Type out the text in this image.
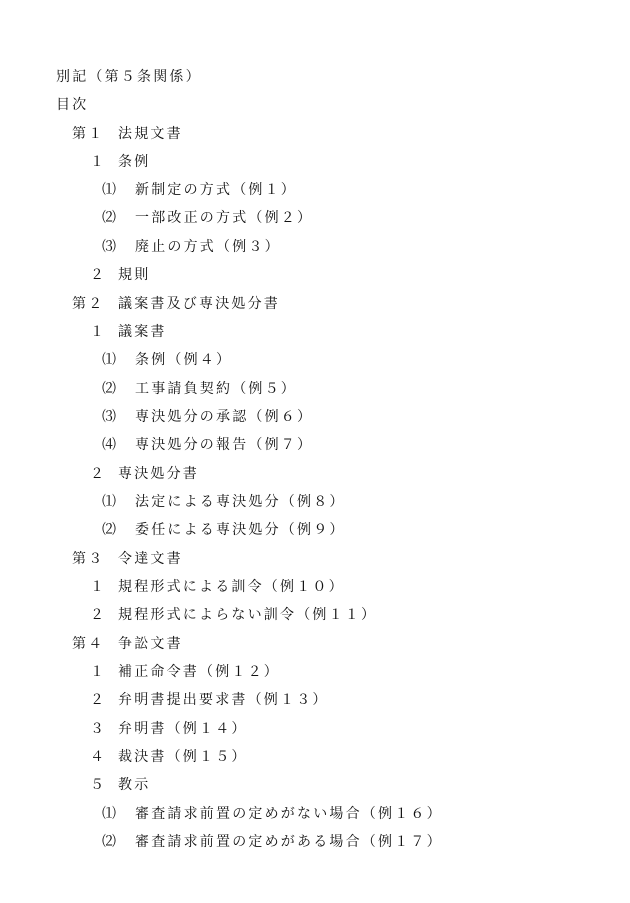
別記（第５条関係）
目次
第１ 法規文書
１ 条例
⑴ 新制定の方式（例１）
⑵ 一部改正の方式（例２）
⑶ 廃止の方式（例３）
２ 規則
第２ 議案書及び専決処分書
１ 議案書
⑴ 条例（例４）
⑵ 工事請負契約（例５）
⑶ 専決処分の承認（例６）
⑷ 専決処分の報告（例７）
２ 専決処分書
⑴ 法定による専決処分（例８）
⑵ 委任による専決処分（例９）
第３ 令達文書
１ 規程形式による訓令（例１０）
２ 規程形式によらない訓令（例１１）
第４ 争訟文書
１ 補正命令書（例１２）
２ 弁明書提出要求書（例１３）
３ 弁明書（例１４）
４ 裁決書（例１５）
５ 教示
⑴ 審査請求前置の定めがない場合（例１６）
⑵ 審査請求前置の定めがある場合（例１７）
